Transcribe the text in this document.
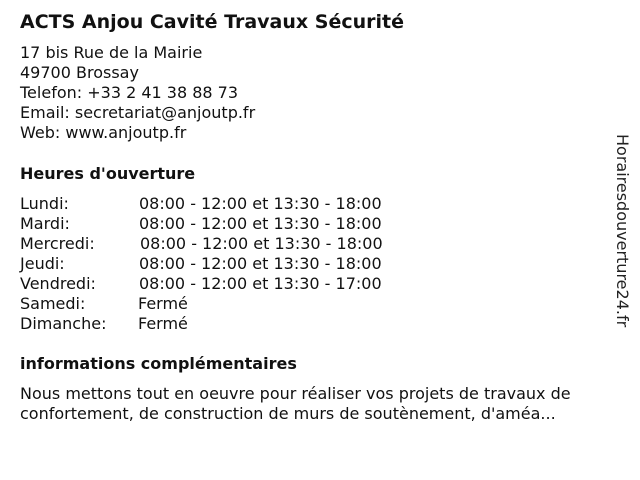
ACTS Anjou Cavité Travaux Sécurité
17 bis Rue de la Mairie
49700 Brossay
Telefon: +33 2 41 38 88 73
Email: secretariat@anjoutp.fr
Web: www.anjoutp.fr
Heures d'ouverture
Lundi:	08:00 - 12:00 et 13:30 - 18:00
Mardi:	08:00 - 12:00 et 13:30 - 18:00
Mercredi:	08:00 - 12:00 et 13:30 - 18:00
Jeudi:	08:00 - 12:00 et 13:30 - 18:00
Vendredi:	08:00 - 12:00 et 13:30 - 17:00
Samedi:	Fermé
Dimanche: Fermé
informations complémentaires
Nous mettons tout en oeuvre pour réaliser vos projets de travaux de
confortement, de construction de murs de soutènement, d'améa...
Horairesdouverture24.fr
